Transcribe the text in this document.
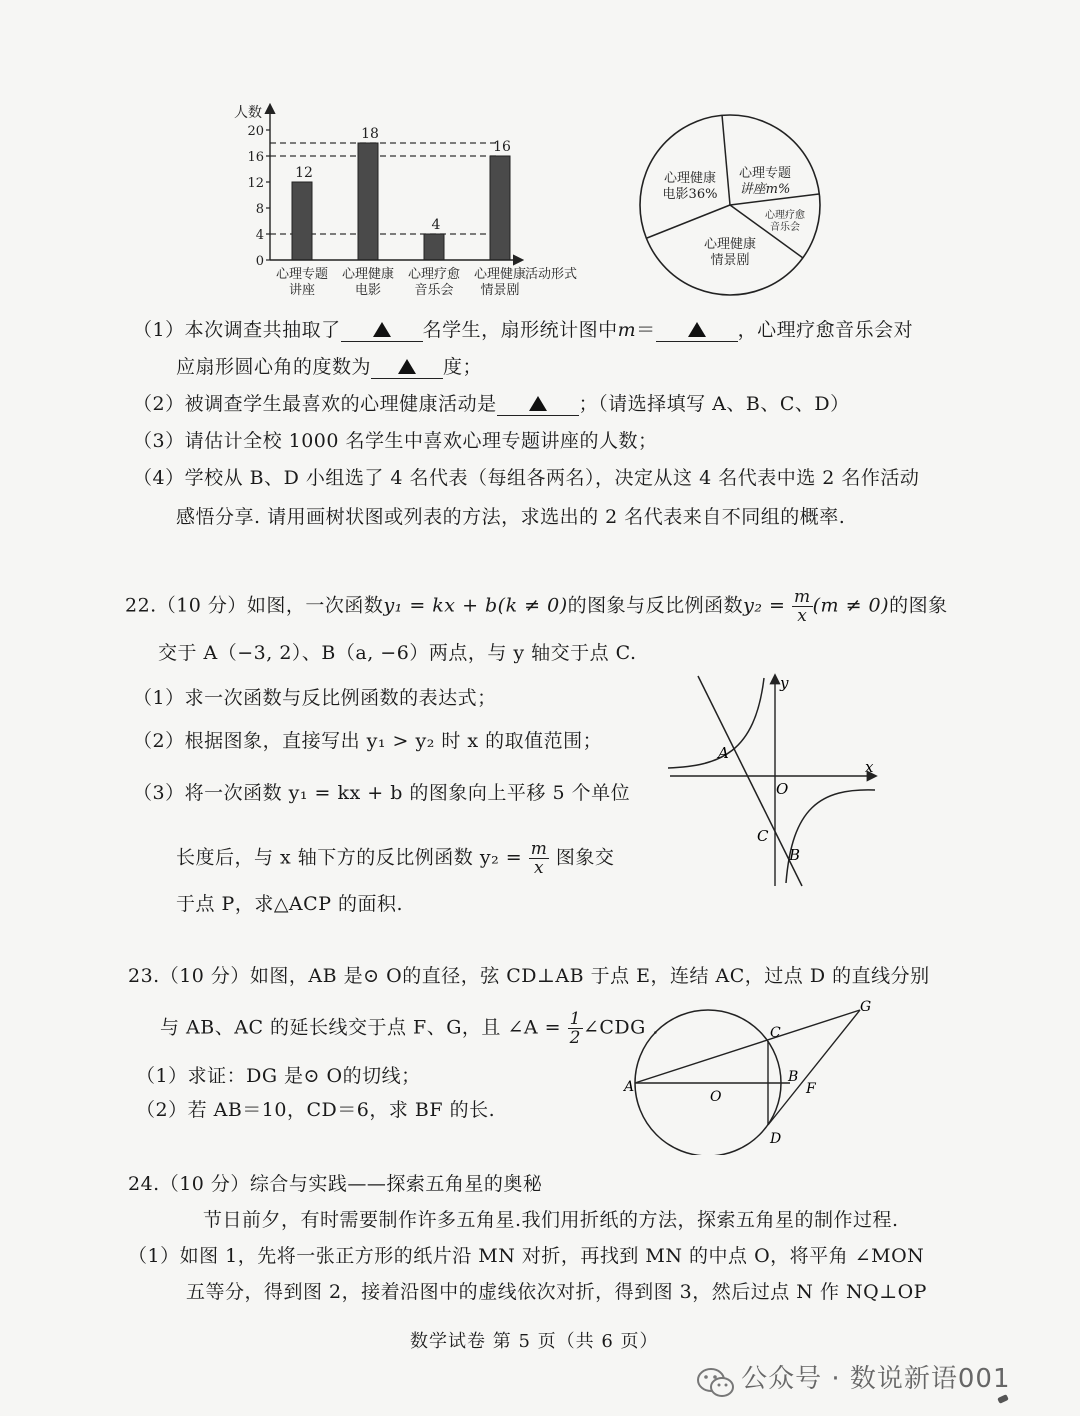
12
心理专题
讲座
18
心理健康
电影
4
心理疗愈
音乐会
16
心理健康
情景剧
0
4
8
12
16
20
人数
活动形式
心理健康
电影36%
心理专题
讲座m%
心理疗愈
音乐会
心理健康
情景剧
（1）本次调查共抽取了	名学生，扇形统计图中m＝	，心理疗愈音乐会对
应扇形圆心角的度数为	度；
（2）被调查学生最喜欢的心理健康活动是	；（请选择填写 A、B、C、D）
（3）请估计全校 1000 名学生中喜欢心理专题讲座的人数；
（4）学校从 B、D 小组选了 4 名代表（每组各两名），决定从这 4 名代表中选 2 名作活动
感悟分享. 请用画树状图或列表的方法，求选出的 2 名代表来自不同组的概率.
22.（10 分）如图，一次函数y₁ = kx + b(k ≠ 0)的图象与反比例函数$y_2 = \frac{m}{x} (m \ne 0)$的图象
交于 A（−3, 2）、B（a, −6）两点，与 y 轴交于点 C.
（1）求一次函数与反比例函数的表达式；
（2）根据图象，直接写出 y₁ > y₂ 时 x 的取值范围；
（3）将一次函数 y₁ = kx + b 的图象向上平移 5 个单位
长度后，与 x 轴下方的反比例函数 $y_2 = \frac{m}{x}$ 图象交
于点 P，求△ACP 的面积.
y
x
O
A
C
B
23.（10 分）如图，AB 是⊙ O的直径，弦 CD⊥AB 于点 E，连结 AC，过点 D 的直线分别
与 AB、AC 的延长线交于点 F、G，且 ∠A = $\frac{1}{2}$ ∠CDG .
（1）求证：DG 是⊙ O的切线；
（2）若 AB＝10，CD＝6，求 BF 的长.
A
O
C
B
F
D
G
24.（10 分）综合与实践——探索五角星的奥秘
节日前夕，有时需要制作许多五角星.我们用折纸的方法，探索五角星的制作过程.
（1）如图 1，先将一张正方形的纸片沿 MN 对折，再找到 MN 的中点 O，将平角 ∠MON
五等分，得到图 2，接着沿图中的虚线依次对折，得到图 3，然后过点 N 作 NQ⊥OP
数学试卷 第 5 页（共 6 页）
公众号 · 数说新语001
